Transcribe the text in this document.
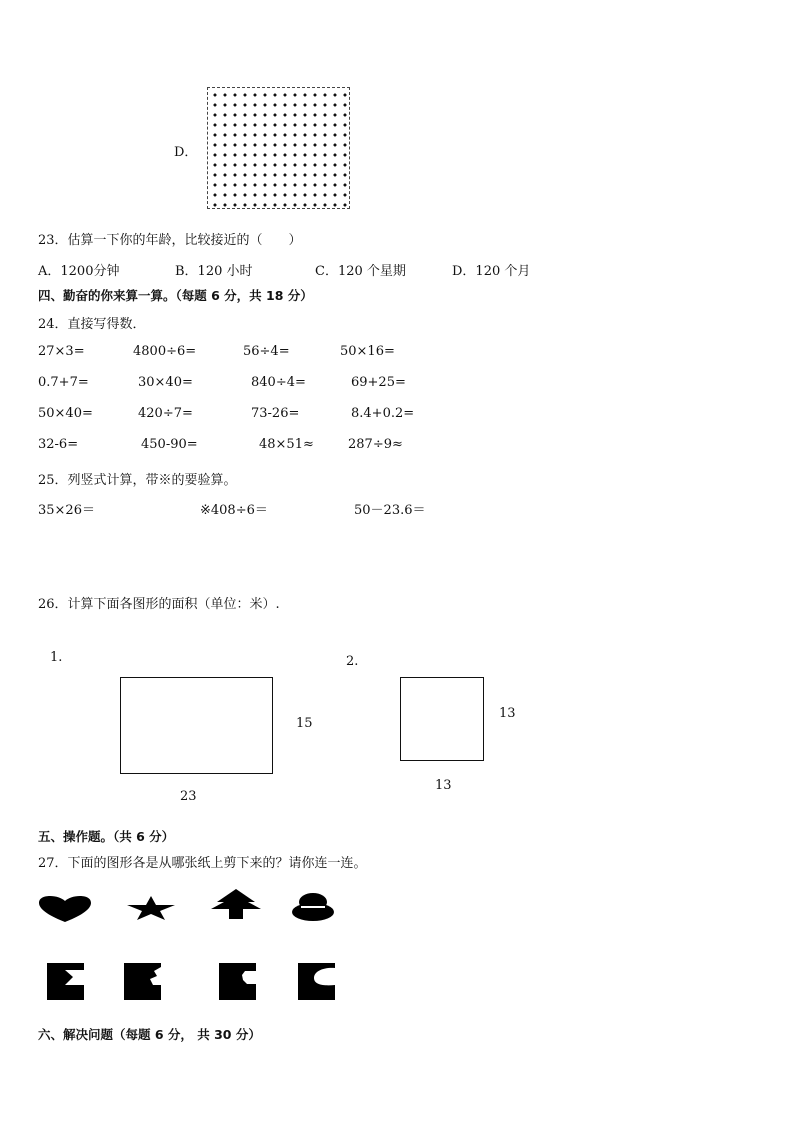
D．
23．估算一下你的年龄，比较接近的（　　）
A．1200分钟	B．120 小时	C．120 个星期	D．120 个月
四、勤奋的你来算一算。（每题 6 分，共 18 分）
24．直接写得数．
27×3=	4800÷6=	56÷4=	50×16=
0.7+7=	30×40=	840÷4=	69+25=
50×40=	420÷7=	73-26=	8.4+0.2=
32-6=	450-90=	48×51≈	287÷9≈
25．列竖式计算，带※的要验算。
35×26＝	※408÷6＝	50－23.6＝
26．计算下面各图形的面积（单位：米）.
1.
15
23
2.
13
13
五、操作题。（共 6 分）
27．下面的图形各是从哪张纸上剪下来的？请你连一连。
六、解决问题（每题 6 分， 共 30 分）
